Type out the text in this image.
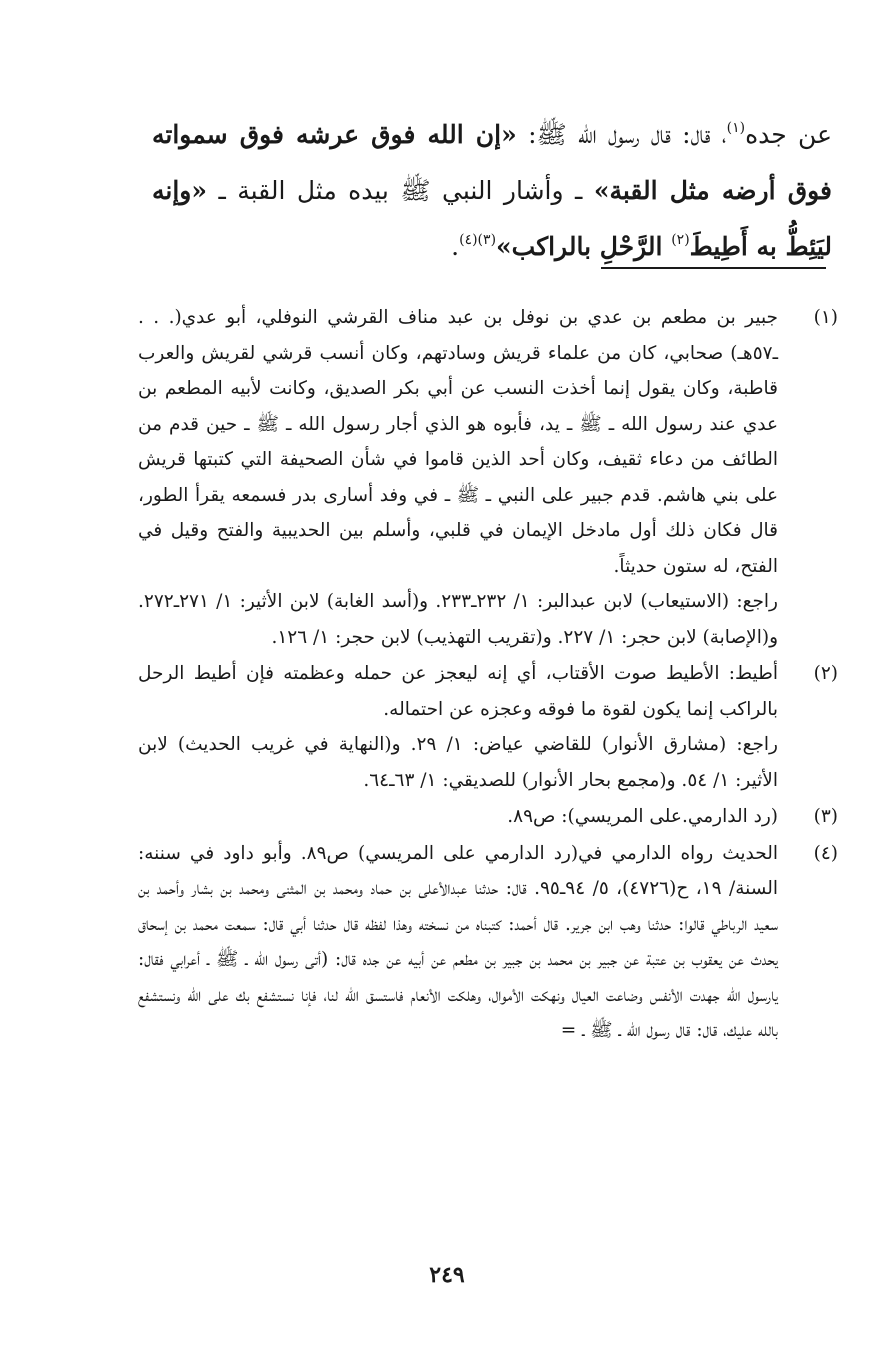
عن جده$^{(١)}$، قال: قال رسول الله ﷺ: «إن الله فوق عرشه فوق سمواته فوق أرضه مثل القبة» ـ وأشار النبي ﷺ بيده مثل القبة ـ «وإنه ليَئِطُّ به أَطِيطَ$^{(٢)}$ الرَّحْلِ بالراكب»$^{(٣)(٤)}$.

(١)
جبير بن مطعم بن عدي بن نوفل بن عبد مناف القرشي النوفلي، أبو عدي(. . . ـ٥٧هـ) صحابي، كان من علماء قريش وسادتهم، وكان أنسب قرشي لقريش والعرب قاطبة، وكان يقول إنما أخذت النسب عن أبي بكر الصديق، وكانت لأبيه المطعم بن عدي عند رسول الله ـ ﷺ ـ يد، فأبوه هو الذي أجار رسول الله ـ ﷺ ـ حين قدم من الطائف من دعاء ثقيف، وكان أحد الذين قاموا في شأن الصحيفة التي كتبتها قريش على بني هاشم. قدم جبير على النبي ـ ﷺ ـ في وفد أسارى بدر فسمعه يقرأ الطور، قال فكان ذلك أول مادخل الإيمان في قلبي، وأسلم بين الحديبية والفتح وقيل في الفتح، له ستون حديثاً.
راجع: (الاستيعاب) لابن عبدالبر: ١/ ٢٣٢ـ٢٣٣. و(أسد الغابة) لابن الأثير: ١/ ٢٧١ـ٢٧٢. و(الإصابة) لابن حجر: ١/ ٢٢٧. و(تقريب التهذيب) لابن حجر: ١/ ١٢٦.
(٢)
أطيط: الأطيط صوت الأقتاب، أي إنه ليعجز عن حمله وعظمته فإن أطيط الرحل بالراكب إنما يكون لقوة ما فوقه وعجزه عن احتماله.
راجع: (مشارق الأنوار) للقاضي عياض: ١/ ٢٩. و(النهاية في غريب الحديث) لابن الأثير: ١/ ٥٤. و(مجمع بحار الأنوار) للصديقي: ١/ ٦٣ـ٦٤.
(٣)
(رد الدارمي.على المريسي): ص٨٩.
(٤)
الحديث رواه الدارمي في(رد الدارمي على المريسي) ص٨٩. وأبو داود في سننه: السنة/ ١٩، ح(٤٧٢٦)، ٥/ ٩٤ـ٩٥. قال: حدثنا عبدالأعلى بن حماد ومحمد بن المثنى ومحمد بن بشار وأحمد بن سعيد الرباطي قالوا: حدثنا وهب ابن جرير. قال أحمد: كتبناه من نسخته وهذا لفظه قال حدثنا أبي قال: سمعت محمد بن إسحاق يحدث عن يعقوب بن عتبة عن جبير بن محمد بن جبير بن مطعم عن أبيه عن جده قال: (أتى رسول الله ـ ﷺ ـ أعرابي فقال: يارسول الله جهدت الأنفس وضاعت العيال ونهكت الأموال، وهلكت الأنعام فاستسق الله لنا، فإنا نستشفع بك على الله ونستشفع بالله عليك، قال: قال رسول الله ـ ﷺ ـ =
٢٤٩
